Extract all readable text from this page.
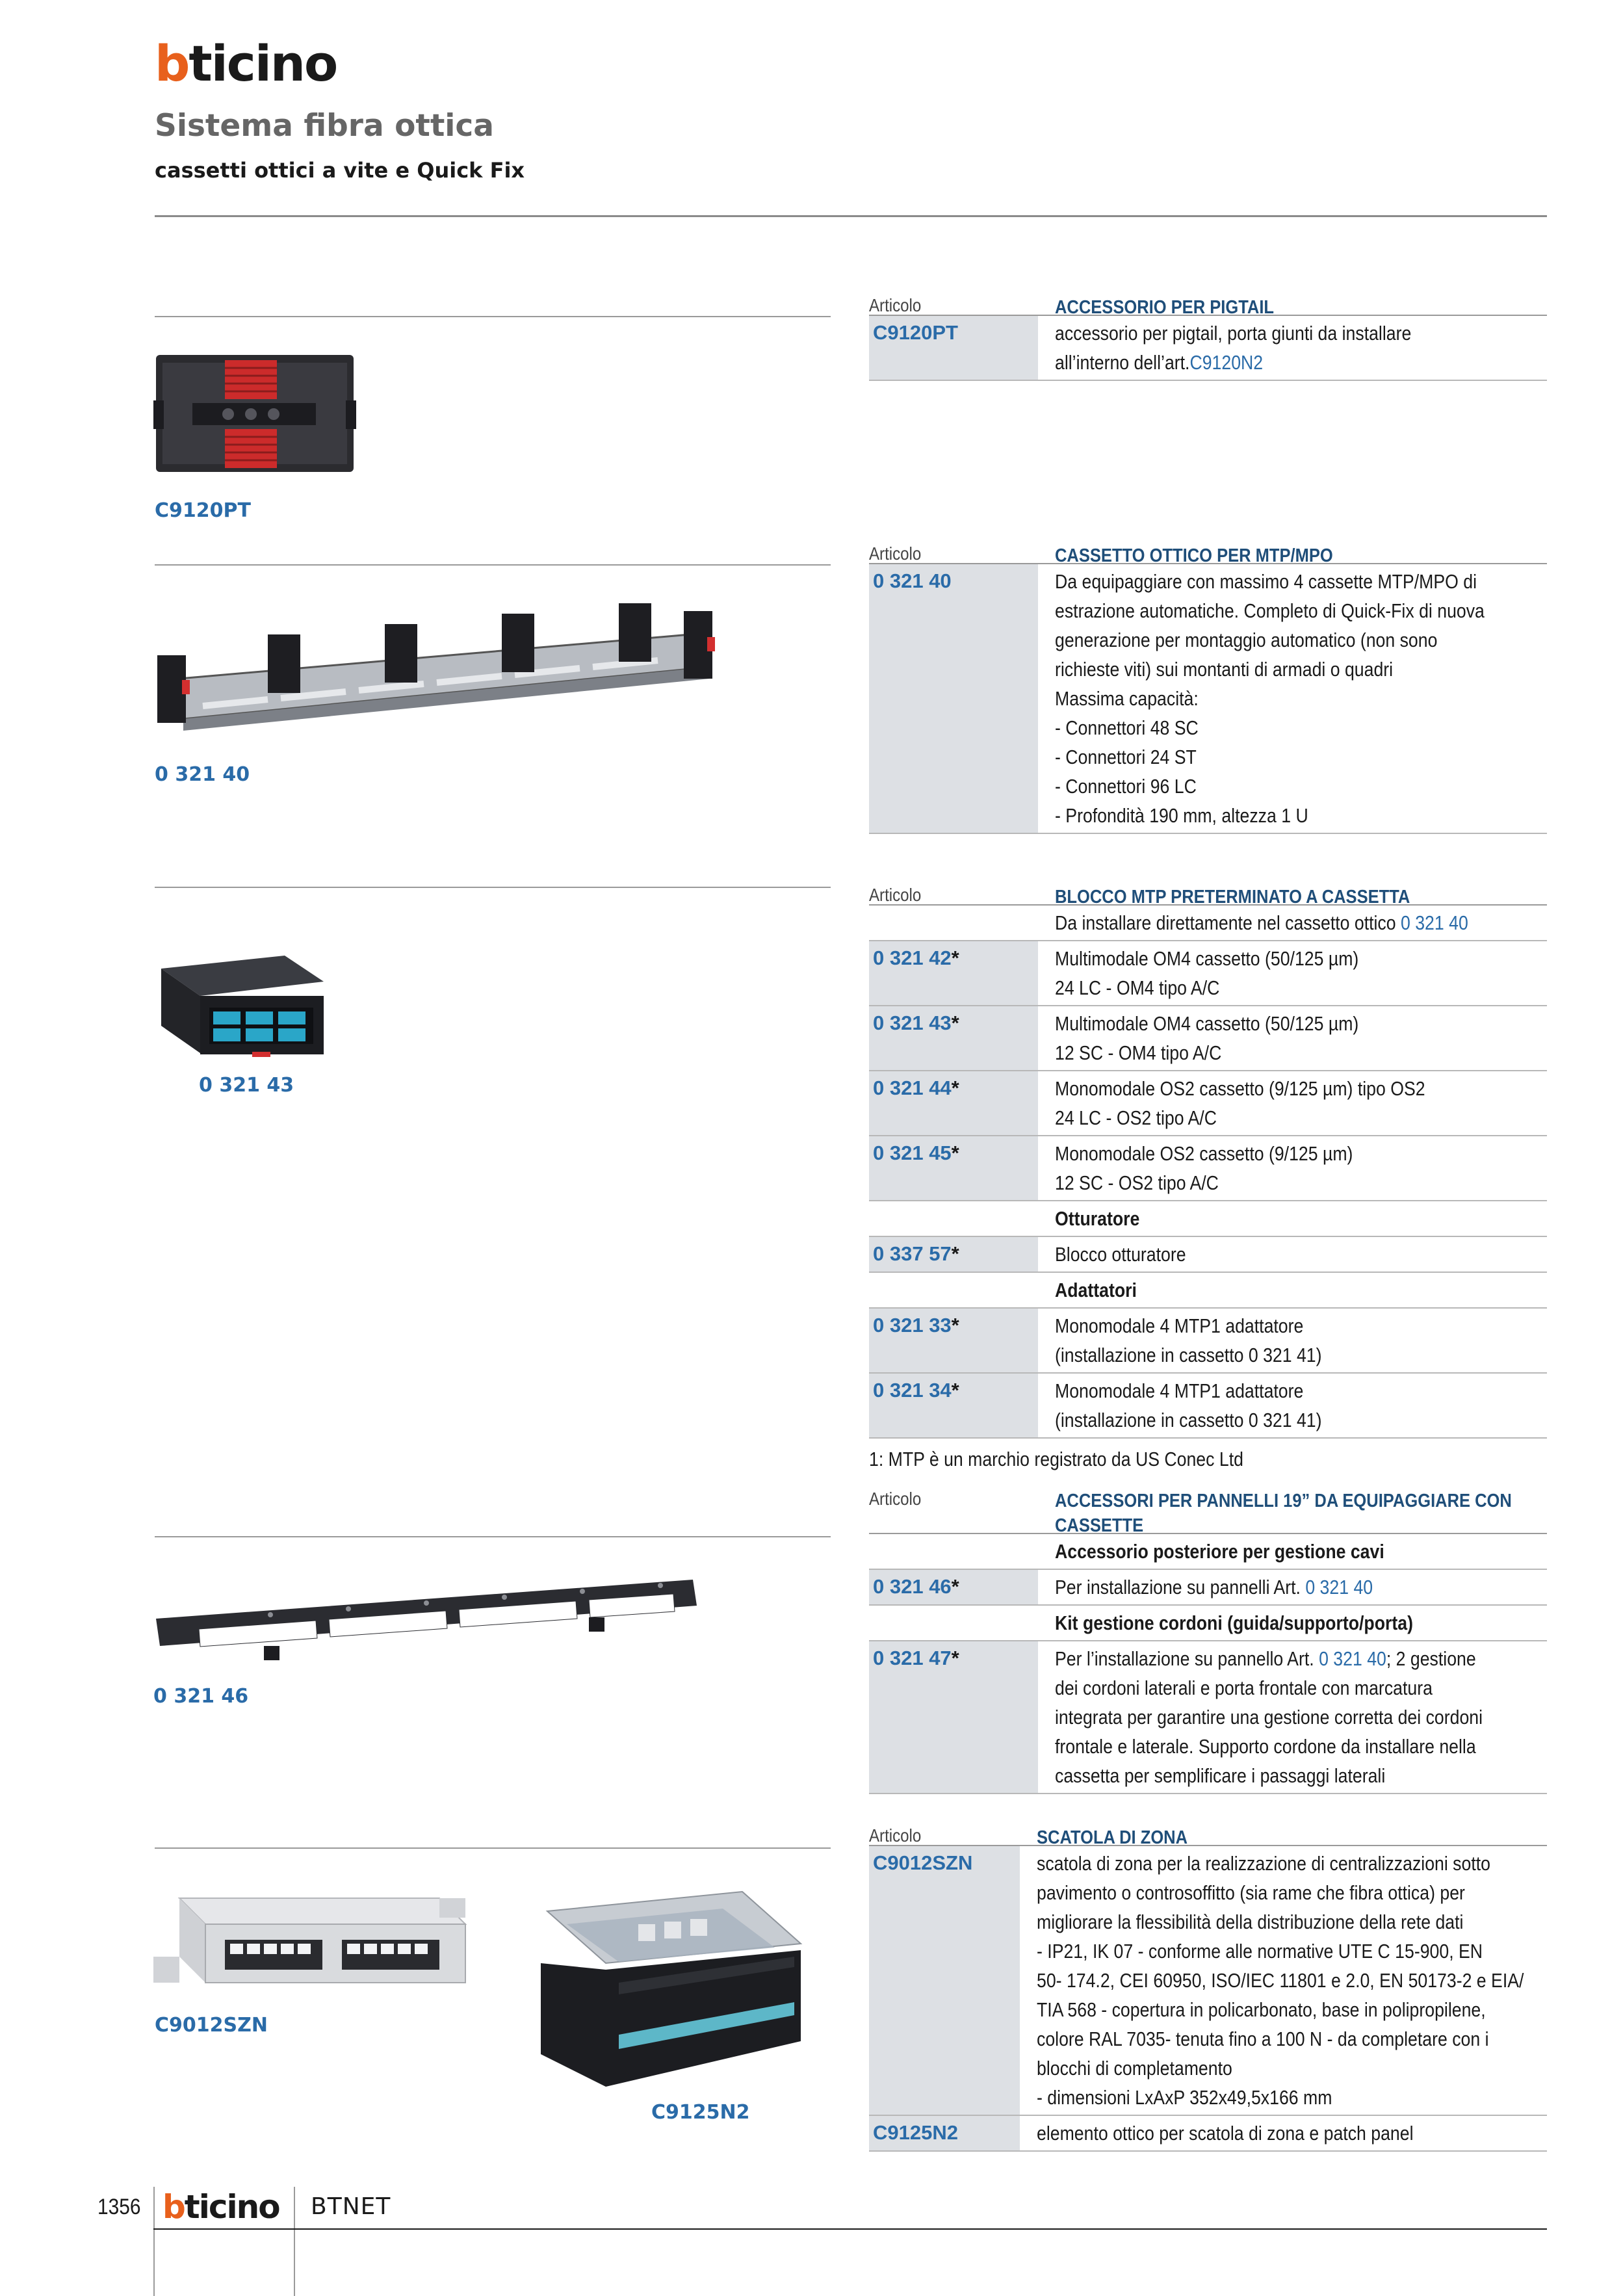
bticino
Sistema fibra ottica
cassetti ottici a vite e Quick Fix
C9120PT
0 321 40
0 321 43
0 321 46
C9012SZN
C9125N2
Articolo	ACCESSORIO PER PIGTAIL
C9120PT	accessorio per pigtail, porta giunti da installare
all’interno dell’art.C9120N2
Articolo	CASSETTO OTTICO PER MTP/MPO
0 321 40	Da equipaggiare con massimo 4 cassette MTP/MPO di
estrazione automatiche. Completo di Quick-Fix di nuova
generazione per montaggio automatico (non sono
richieste viti) sui montanti di armadi o quadri
Massima capacità:
- Connettori 48 SC
- Connettori 24 ST
- Connettori 96 LC
- Profondità 190 mm, altezza 1 U
Articolo	BLOCCO MTP PRETERMINATO A CASSETTA
Da installare direttamente nel cassetto ottico 0 321 40
0 321 42*	Multimodale OM4 cassetto (50/125 µm)
24 LC - OM4 tipo A/C
0 321 43*	Multimodale OM4 cassetto (50/125 µm)
12 SC - OM4 tipo A/C
0 321 44*	Monomodale OS2 cassetto (9/125 µm) tipo OS2
24 LC - OS2 tipo A/C
0 321 45*	Monomodale OS2 cassetto (9/125 µm)
12 SC - OS2 tipo A/C
Otturatore
0 337 57*	Blocco otturatore
Adattatori
0 321 33*	Monomodale 4 MTP1 adattatore
(installazione in cassetto 0 321 41)
0 321 34*	Monomodale 4 MTP1 adattatore
(installazione in cassetto 0 321 41)
1: MTP è un marchio registrato da US Conec Ltd
Articolo	ACCESSORI PER PANNELLI 19” DA EQUIPAGGIARE CON
CASSETTE
Accessorio posteriore per gestione cavi
0 321 46*	Per installazione su pannelli Art. 0 321 40
Kit gestione cordoni (guida/supporto/porta)
0 321 47*	Per l’installazione su pannello Art. 0 321 40; 2 gestione
dei cordoni laterali e porta frontale con marcatura
integrata per garantire una gestione corretta dei cordoni
frontale e laterale. Supporto cordone da installare nella
cassetta per semplificare i passaggi laterali
Articolo	SCATOLA DI ZONA
C9012SZN	scatola di zona per la realizzazione di centralizzazioni sotto
pavimento o controsoffitto (sia rame che fibra ottica) per
migliorare la flessibilità della distribuzione della rete dati
- IP21, IK 07 - conforme alle normative UTE C 15-900, EN
50- 174.2, CEI 60950, ISO/IEC 11801 e 2.0, EN 50173-2 e EIA/
TIA 568 - copertura in policarbonato, base in polipropilene,
colore RAL 7035- tenuta fino a 100 N - da completare con i
blocchi di completamento
- dimensioni LxAxP 352x49,5x166 mm
C9125N2	elemento ottico per scatola di zona e patch panel
1356 bticino BTNET
